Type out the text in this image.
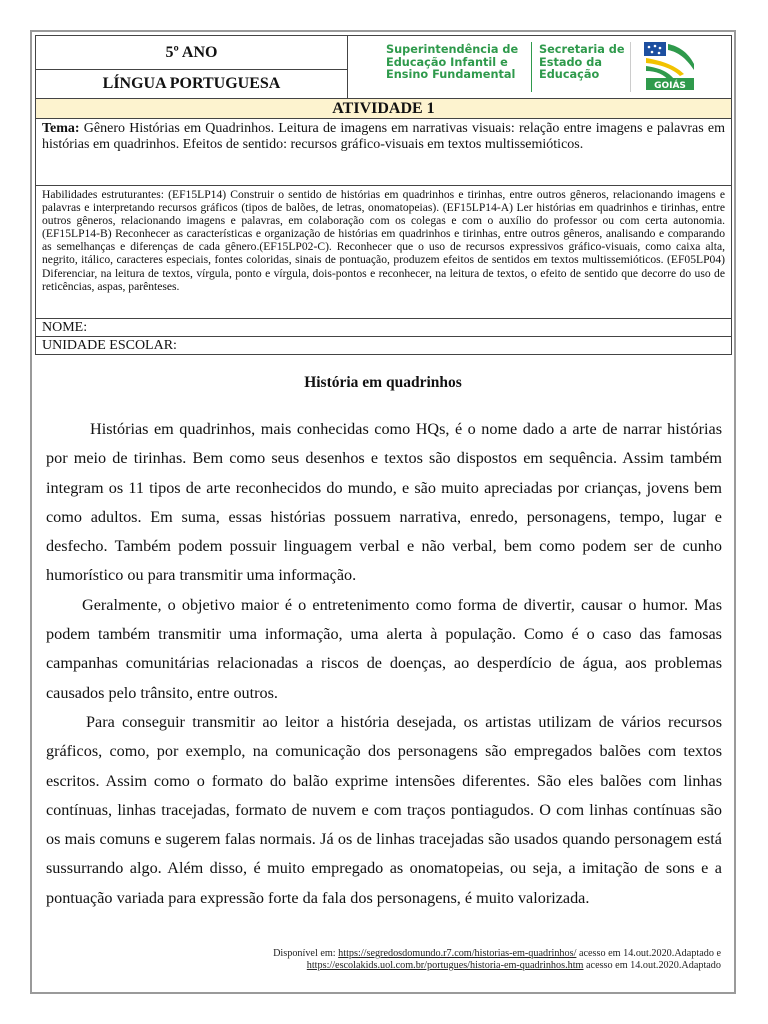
5º ANO	Superintendência de
Educação Infantil e
Ensino Fundamental
Secretaria de
Estado da
Educação
GOIÁS

LÍNGUA PORTUGUESA
ATIVIDADE 1
Tema: Gênero Histórias em Quadrinhos. Leitura de imagens em narrativas visuais: relação entre imagens e palavras em histórias em quadrinhos. Efeitos de sentido: recursos gráfico-visuais em textos multissemióticos.
Habilidades estruturantes: (EF15LP14) Construir o sentido de histórias em quadrinhos e tirinhas, entre outros gêneros, relacionando imagens e palavras e interpretando recursos gráficos (tipos de balões, de letras, onomatopeias). (EF15LP14-A) Ler histórias em quadrinhos e tirinhas, entre outros gêneros, relacionando imagens e palavras, em colaboração com os colegas e com o auxílio do professor ou com certa autonomia. (EF15LP14-B) Reconhecer as características e organização de histórias em quadrinhos e tirinhas, entre outros gêneros, analisando e comparando as semelhanças e diferenças de cada gênero.(EF15LP02-C). Reconhecer que o uso de recursos expressivos gráfico-visuais, como caixa alta, negrito, itálico, caracteres especiais, fontes coloridas, sinais de pontuação, produzem efeitos de sentidos em textos multissemióticos. (EF05LP04) Diferenciar, na leitura de textos, vírgula, ponto e vírgula, dois-pontos e reconhecer, na leitura de textos, o efeito de sentido que decorre do uso de reticências, aspas, parênteses.
NOME:
UNIDADE ESCOLAR:
História em quadrinhos

Histórias em quadrinhos, mais conhecidas como HQs, é o nome dado a arte de narrar histórias por meio de tirinhas. Bem como seus desenhos e textos são dispostos em sequência. Assim também integram os 11 tipos de arte reconhecidos do mundo, e são muito apreciadas por crianças, jovens bem como adultos. Em suma, essas histórias possuem narrativa, enredo, personagens, tempo, lugar e desfecho. Também podem possuir linguagem verbal e não verbal, bem como podem ser de cunho humorístico ou para transmitir uma informação.

Geralmente, o objetivo maior é o entretenimento como forma de divertir, causar o humor. Mas podem também transmitir uma informação, uma alerta à população. Como é o caso das famosas campanhas comunitárias relacionadas a riscos de doenças, ao desperdício de água, aos problemas causados pelo trânsito, entre outros.

Para conseguir transmitir ao leitor a história desejada, os artistas utilizam de vários recursos gráficos, como, por exemplo, na comunicação dos personagens são empregados balões com textos escritos. Assim como o formato do balão exprime intensões diferentes. São eles balões com linhas contínuas, linhas tracejadas, formato de nuvem e com traços pontiagudos. O com linhas contínuas são os mais comuns e sugerem falas normais. Já os de linhas tracejadas são usados quando personagem está sussurrando algo. Além disso, é muito empregado as onomatopeias, ou seja, a imitação de sons e a pontuação variada para expressão forte da fala dos personagens, é muito valorizada.

Disponível em: https://segredosdomundo.r7.com/historias-em-quadrinhos/ acesso em 14.out.2020.Adaptado e
https://escolakids.uol.com.br/portugues/historia-em-quadrinhos.htm acesso em 14.out.2020.Adaptado
